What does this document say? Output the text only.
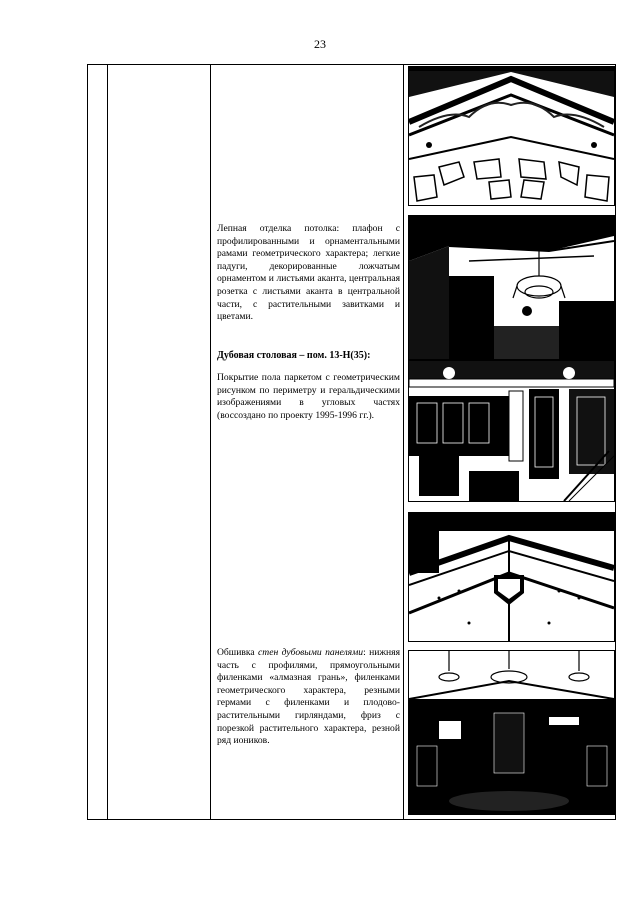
23
Лепная отделка потолка: плафон с профилированными и орнаментальными рамами геометрического характера; легкие падуги, декорированные ложчатым орнаментом и листьями аканта, центральная розетка с листьями аканта в центральной части, с растительными завитками и цветами.
Дубовая столовая – пом. 13-Н(35):
Покрытие пола паркетом с геометрическим рисунком по периметру и геральдическими изображениями в угловых частях (воссоздано по проекту 1995-1996 гг.).
Обшивка стен дубовыми панелями: нижняя часть с профилями, прямоугольными филенками «алмазная грань», филенками геометрического характера, резными гермами с филенками и плодово-растительными гирляндами, фриз с порезкой растительного характера, резной ряд иоников.
